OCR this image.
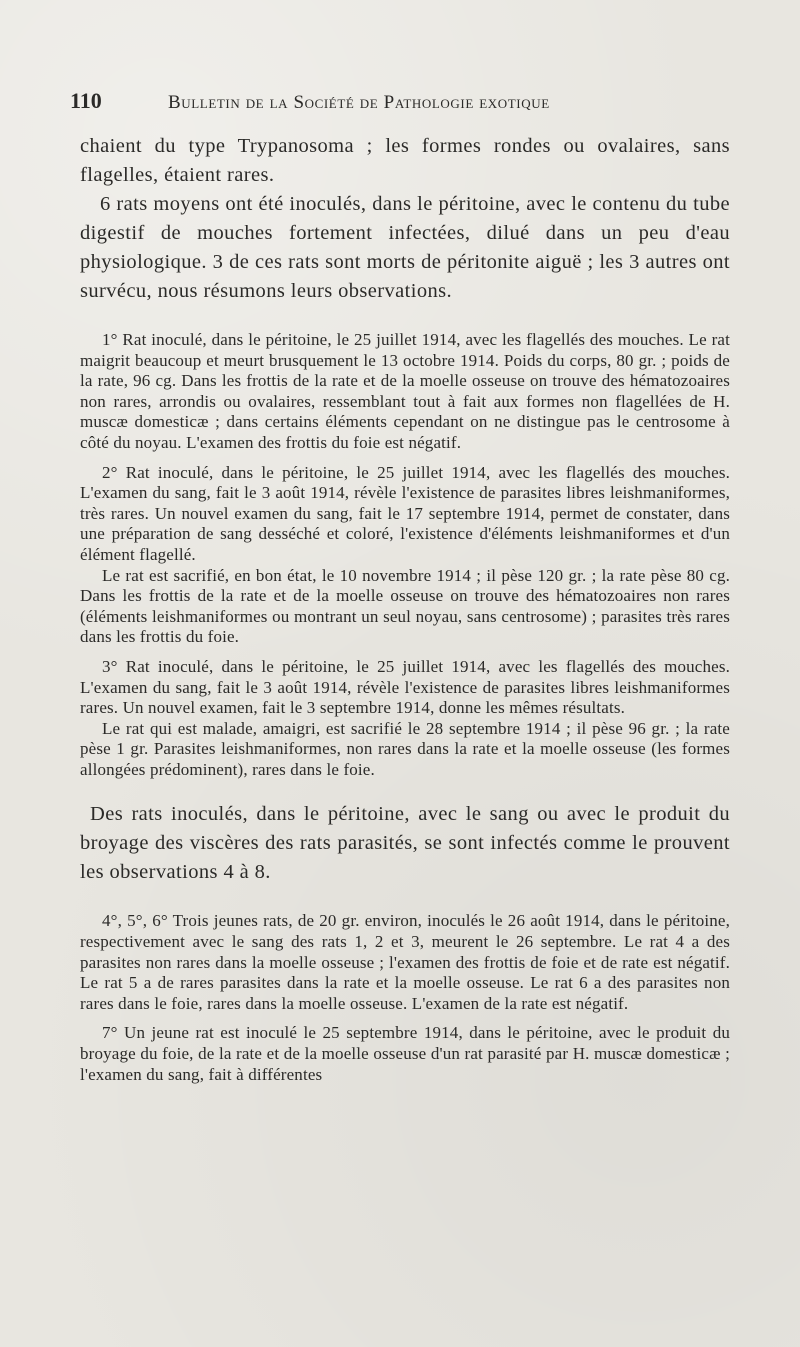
110	Bulletin de la Société de Pathologie exotique

chaient du type Trypanosoma ; les formes rondes ou ovalaires, sans flagelles, étaient rares.

6 rats moyens ont été inoculés, dans le péritoine, avec le contenu du tube digestif de mouches fortement infectées, dilué dans un peu d'eau physiologique. 3 de ces rats sont morts de péritonite aiguë ; les 3 autres ont survécu, nous résumons leurs observations.

1° Rat inoculé, dans le péritoine, le 25 juillet 1914, avec les flagellés des mouches. Le rat maigrit beaucoup et meurt brusquement le 13 octobre 1914. Poids du corps, 80 gr. ; poids de la rate, 96 cg. Dans les frottis de la rate et de la moelle osseuse on trouve des hématozoaires non rares, arrondis ou ovalaires, ressemblant tout à fait aux formes non flagellées de H. muscæ domesticæ ; dans certains éléments cependant on ne distingue pas le centrosome à côté du noyau. L'examen des frottis du foie est négatif.

2° Rat inoculé, dans le péritoine, le 25 juillet 1914, avec les flagellés des mouches. L'examen du sang, fait le 3 août 1914, révèle l'existence de parasites libres leishmaniformes, très rares. Un nouvel examen du sang, fait le 17 septembre 1914, permet de constater, dans une préparation de sang desséché et coloré, l'existence d'éléments leishmaniformes et d'un élément flagellé.

Le rat est sacrifié, en bon état, le 10 novembre 1914 ; il pèse 120 gr. ; la rate pèse 80 cg. Dans les frottis de la rate et de la moelle osseuse on trouve des hématozoaires non rares (éléments leishmaniformes ou montrant un seul noyau, sans centrosome) ; parasites très rares dans les frottis du foie.

3° Rat inoculé, dans le péritoine, le 25 juillet 1914, avec les flagellés des mouches. L'examen du sang, fait le 3 août 1914, révèle l'existence de parasites libres leishmaniformes rares. Un nouvel examen, fait le 3 septembre 1914, donne les mêmes résultats.

Le rat qui est malade, amaigri, est sacrifié le 28 septembre 1914 ; il pèse 96 gr. ; la rate pèse 1 gr. Parasites leishmaniformes, non rares dans la rate et la moelle osseuse (les formes allongées prédominent), rares dans le foie.

Des rats inoculés, dans le péritoine, avec le sang ou avec le produit du broyage des viscères des rats parasités, se sont infectés comme le prouvent les observations 4 à 8.

4°, 5°, 6° Trois jeunes rats, de 20 gr. environ, inoculés le 26 août 1914, dans le péritoine, respectivement avec le sang des rats 1, 2 et 3, meurent le 26 septembre. Le rat 4 a des parasites non rares dans la moelle osseuse ; l'examen des frottis de foie et de rate est négatif. Le rat 5 a de rares parasites dans la rate et la moelle osseuse. Le rat 6 a des parasites non rares dans le foie, rares dans la moelle osseuse. L'examen de la rate est négatif.

7° Un jeune rat est inoculé le 25 septembre 1914, dans le péritoine, avec le produit du broyage du foie, de la rate et de la moelle osseuse d'un rat parasité par H. muscæ domesticæ ; l'examen du sang, fait à différentes
